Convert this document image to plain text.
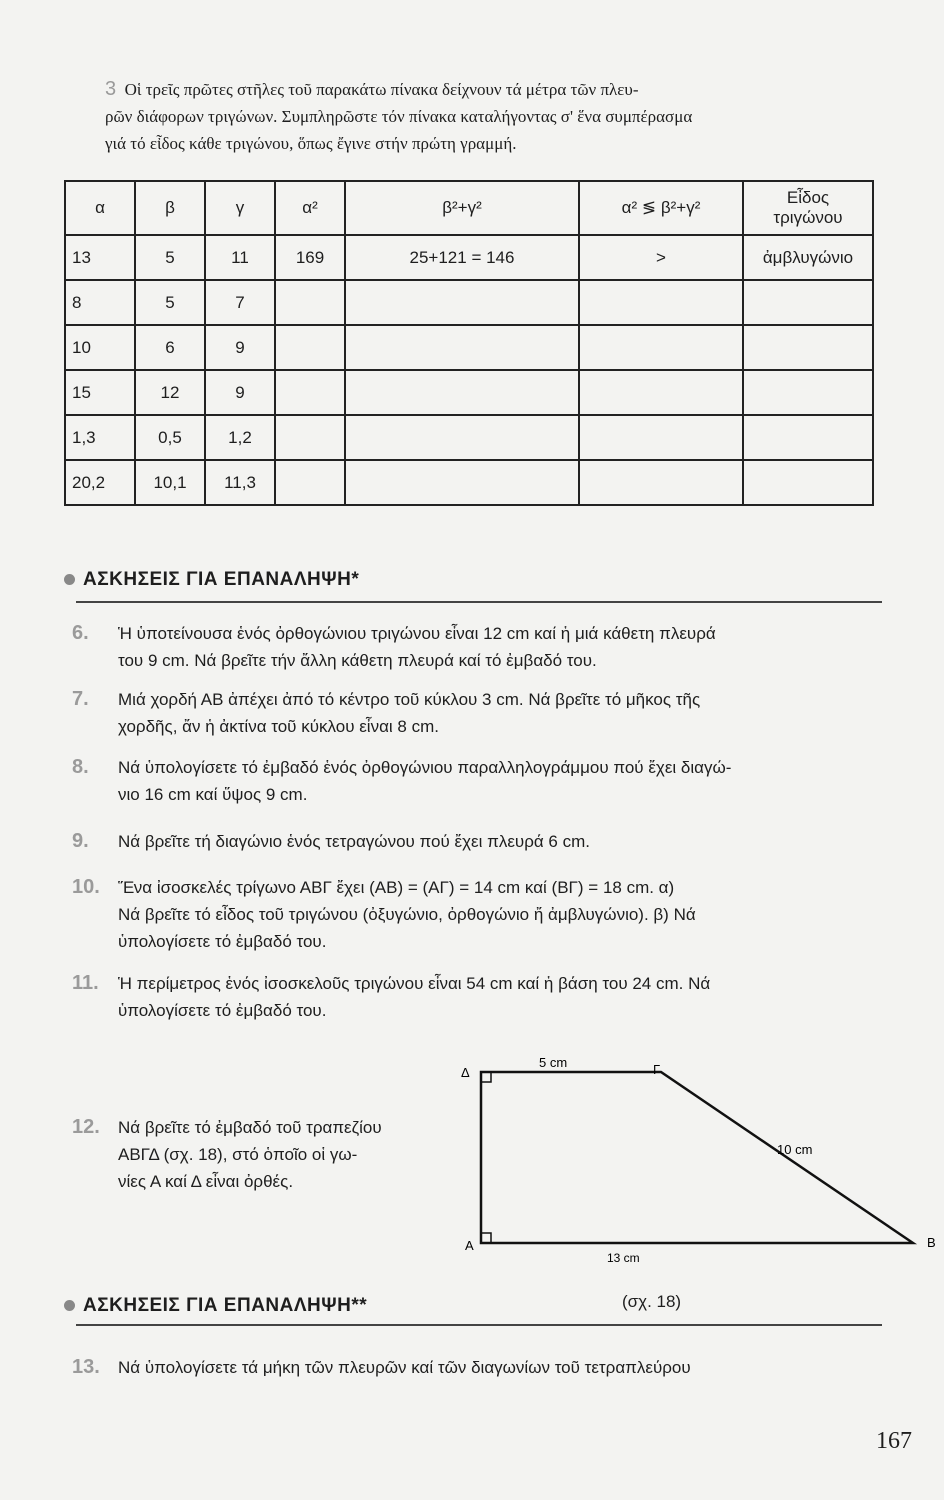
3 Οἱ τρεῖς πρῶτες στῆλες τοῦ παρακάτω πίνακα δείχνουν τά μέτρα τῶν πλευ-
ρῶν διάφορων τριγώνων. Συμπληρῶστε τόν πίνακα καταλήγοντας σ' ἕνα συμπέρασμα
γιά τό εἶδος κάθε τριγώνου, ὅπως ἔγινε στήν πρώτη γραμμή.
α	β	γ	α²	β²+γ²	α² ≶ β²+γ²	Εἶδος τριγώνου
13	5	11	169	25+121 = 146	>	ἀμβλυγώνιο
8	5	7				
10	6	9				
15	12	9				
1,3	0,5	1,2				
20,2	10,1	11,3				
ΑΣΚΗΣΕΙΣ ΓΙΑ ΕΠΑΝΑΛΗΨΗ*
6. Ἡ ὑποτείνουσα ἑνός ὀρθογώνιου τριγώνου εἶναι 12 cm καί ἡ μιά κάθετη πλευρά
του 9 cm. Νά βρεῖτε τήν ἄλλη κάθετη πλευρά καί τό ἐμβαδό του.
7. Μιά χορδή ΑΒ ἀπέχει ἀπό τό κέντρο τοῦ κύκλου 3 cm. Νά βρεῖτε τό μῆκος τῆς
χορδῆς, ἄν ἡ ἀκτίνα τοῦ κύκλου εἶναι 8 cm.
8. Νά ὑπολογίσετε τό ἐμβαδό ἑνός ὀρθογώνιου παραλληλογράμμου πού ἔχει διαγώ-
νιο 16 cm καί ὕψος 9 cm.
9. Νά βρεῖτε τή διαγώνιο ἑνός τετραγώνου πού ἔχει πλευρά 6 cm.
10. Ἕνα ἰσοσκελές τρίγωνο ΑΒΓ ἔχει (ΑΒ) = (ΑΓ) = 14 cm καί (ΒΓ) = 18 cm. α)
Νά βρεῖτε τό εἶδος τοῦ τριγώνου (ὀξυγώνιο, ὀρθογώνιο ἤ ἀμβλυγώνιο). β) Νά
ὑπολογίσετε τό ἐμβαδό του.
11. Ἡ περίμετρος ἑνός ἰσοσκελοῦς τριγώνου εἶναι 54 cm καί ἡ βάση του 24 cm. Νά
ὑπολογίσετε τό ἐμβαδό του.
12. Νά βρεῖτε τό ἐμβαδό τοῦ τραπεζίου
ΑΒΓΔ (σχ. 18), στό ὁποῖο οἱ γω-
νίες Α καί Δ εἶναι ὀρθές.
Δ	Γ
Α	Β
5 cm
10 cm
13 cm
(σχ. 18)
ΑΣΚΗΣΕΙΣ ΓΙΑ ΕΠΑΝΑΛΗΨΗ**
13. Νά ὑπολογίσετε τά μήκη τῶν πλευρῶν καί τῶν διαγωνίων τοῦ τετραπλεύρου
167
